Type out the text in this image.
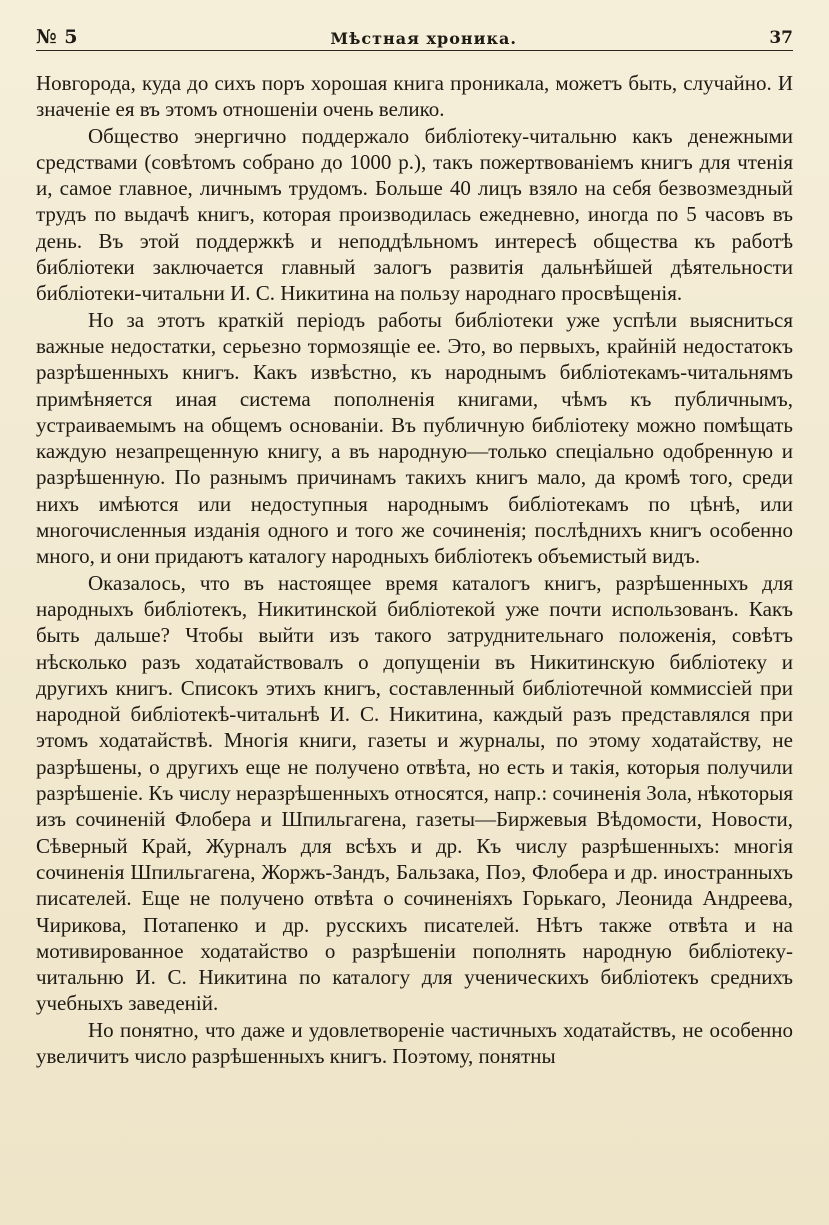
№ 5	Мѣстная хроника.	37

Новгорода, куда до сихъ поръ хорошая книга проникала, можетъ быть, случайно. И значеніе ея въ этомъ отношеніи очень велико.

Общество энергично поддержало библіотеку-читальню какъ денежными средствами (совѣтомъ собрано до 1000 р.), такъ пожертвованіемъ книгъ для чтенія и, самое главное, личнымъ трудомъ. Больше 40 лицъ взяло на себя безвозмездный трудъ по выдачѣ книгъ, которая производилась ежедневно, иногда по 5 часовъ въ день. Въ этой поддержкѣ и неподдѣльномъ интересѣ общества къ работѣ библіотеки заключается главный залогъ развитія дальнѣйшей дѣятельности библіотеки-читальни И. С. Никитина на пользу народнаго просвѣщенія.

Но за этотъ краткій періодъ работы библіотеки уже успѣли выясниться важные недостатки, серьезно тормозящіе ее. Это, во первыхъ, крайній недостатокъ разрѣшенныхъ книгъ. Какъ извѣстно, къ народнымъ библіотекамъ-читальнямъ примѣняется иная система пополненія книгами, чѣмъ къ публичнымъ, устраиваемымъ на общемъ основаніи. Въ публичную библіотеку можно помѣщать каждую незапрещенную книгу, а въ народную—только спеціально одобренную и разрѣшенную. По разнымъ причинамъ такихъ книгъ мало, да кромѣ того, среди нихъ имѣются или недоступныя народнымъ библіотекамъ по цѣнѣ, или многочисленныя изданія одного и того же сочиненія; послѣднихъ книгъ особенно много, и они придаютъ каталогу народныхъ библіотекъ объемистый видъ.

Оказалось, что въ настоящее время каталогъ книгъ, разрѣшенныхъ для народныхъ библіотекъ, Никитинской библіотекой уже почти использованъ. Какъ быть дальше? Чтобы выйти изъ такого затруднительнаго положенія, совѣтъ нѣсколько разъ ходатайствовалъ о допущеніи въ Никитинскую библіотеку и другихъ книгъ. Списокъ этихъ книгъ, составленный библіотечной коммиссіей при народной библіотекѣ-читальнѣ И. С. Никитина, каждый разъ представлялся при этомъ ходатайствѣ. Многія книги, газеты и журналы, по этому ходатайству, не разрѣшены, о другихъ еще не получено отвѣта, но есть и такія, которыя получили разрѣшеніе. Къ числу неразрѣшенныхъ относятся, напр.: сочиненія Зола, нѣкоторыя изъ сочиненій Флобера и Шпильгагена, газеты—Биржевыя Вѣдомости, Новости, Сѣверный Край, Журналъ для всѣхъ и др. Къ числу разрѣшенныхъ: многія сочиненія Шпильгагена, Жоржъ-Зандъ, Бальзака, Поэ, Флобера и др. иностранныхъ писателей. Еще не получено отвѣта о сочиненіяхъ Горькаго, Леонида Андреева, Чирикова, Потапенко и др. русскихъ писателей. Нѣтъ также отвѣта и на мотивированное ходатайство о разрѣшеніи пополнять народную библіотеку-читальню И. С. Никитина по каталогу для ученическихъ библіотекъ среднихъ учебныхъ заведеній.

Но понятно, что даже и удовлетвореніе частичныхъ ходатайствъ, не особенно увеличитъ число разрѣшенныхъ книгъ. Поэтому, понятны
